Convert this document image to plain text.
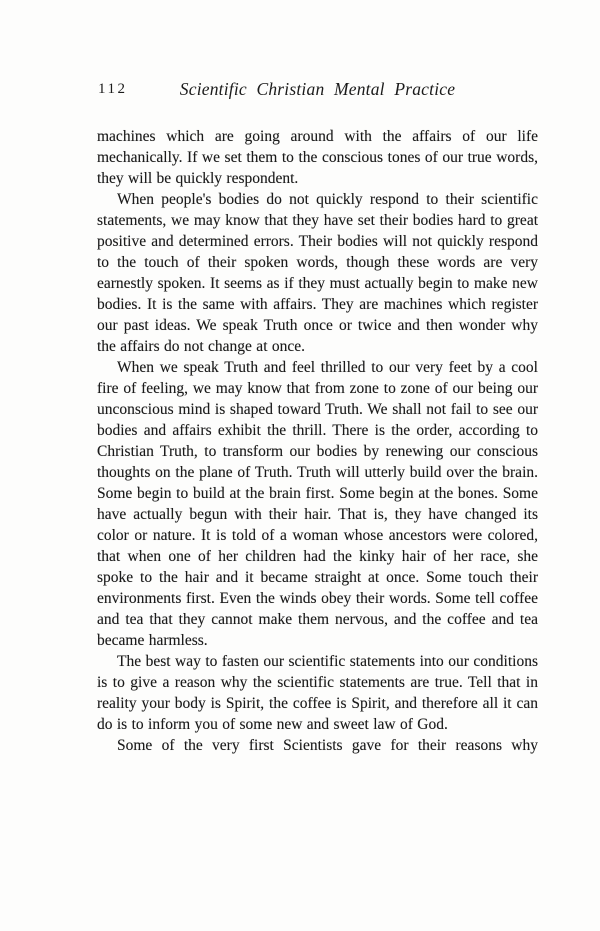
112	Scientific Christian Mental Practice

machines which are going around with the affairs of our life mechanically. If we set them to the conscious tones of our true words, they will be quickly respondent.

When people's bodies do not quickly respond to their scientific statements, we may know that they have set their bodies hard to great positive and determined errors. Their bodies will not quickly respond to the touch of their spoken words, though these words are very earnestly spoken. It seems as if they must actually begin to make new bodies. It is the same with affairs. They are machines which register our past ideas. We speak Truth once or twice and then wonder why the affairs do not change at once.

When we speak Truth and feel thrilled to our very feet by a cool fire of feeling, we may know that from zone to zone of our being our unconscious mind is shaped toward Truth. We shall not fail to see our bodies and affairs exhibit the thrill. There is the order, according to Christian Truth, to transform our bodies by renewing our conscious thoughts on the plane of Truth. Truth will utterly build over the brain. Some begin to build at the brain first. Some begin at the bones. Some have actually begun with their hair. That is, they have changed its color or nature. It is told of a woman whose ancestors were colored, that when one of her children had the kinky hair of her race, she spoke to the hair and it became straight at once. Some touch their environments first. Even the winds obey their words. Some tell coffee and tea that they cannot make them nervous, and the coffee and tea became harmless.

The best way to fasten our scientific statements into our conditions is to give a reason why the scientific statements are true. Tell that in reality your body is Spirit, the coffee is Spirit, and therefore all it can do is to inform you of some new and sweet law of God.

Some of the very first Scientists gave for their reasons why
